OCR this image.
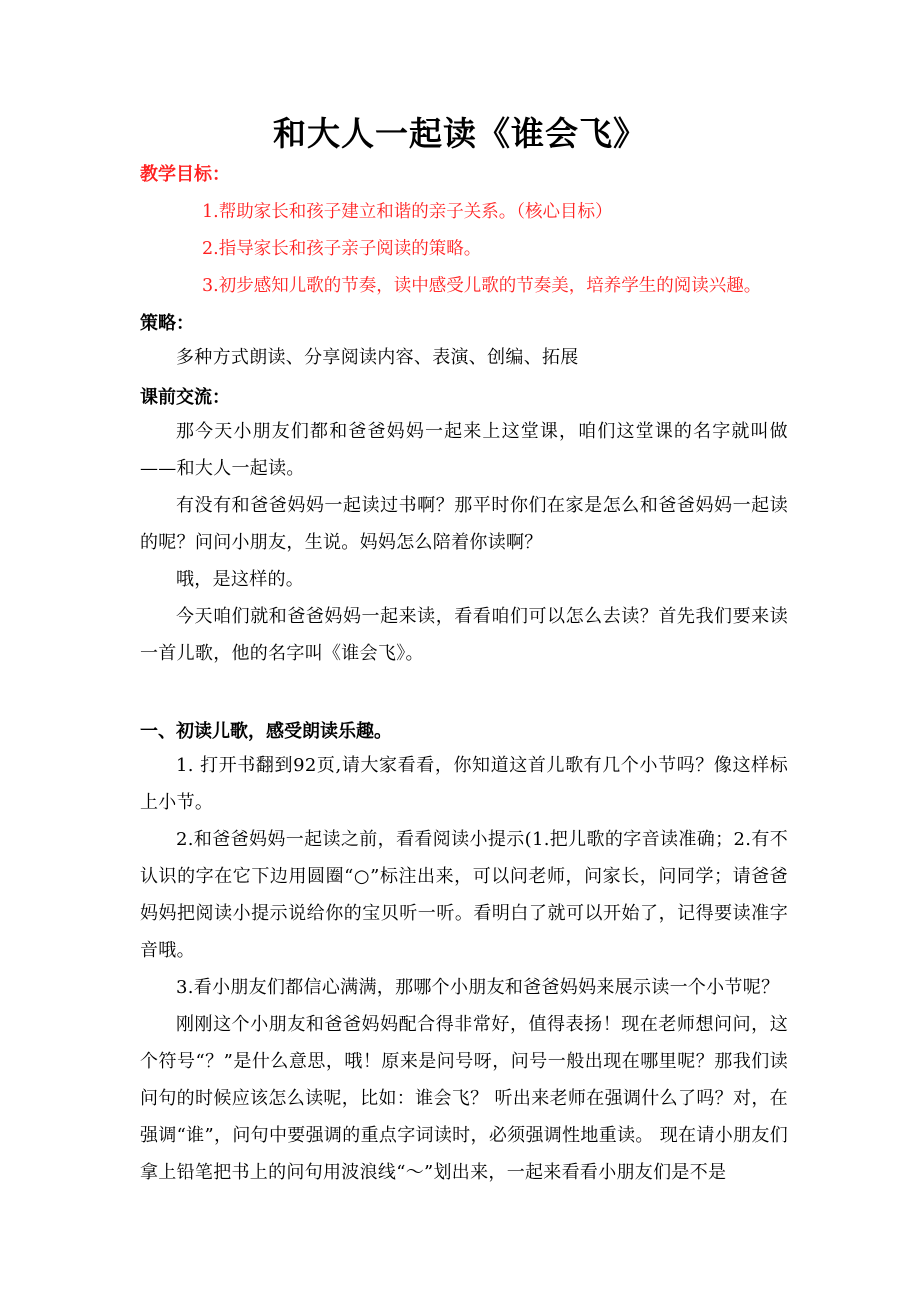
和大人一起读《谁会飞》
教学目标：
1.帮助家长和孩子建立和谐的亲子关系。（核心目标）
2.指导家长和孩子亲子阅读的策略。
3.初步感知儿歌的节奏，读中感受儿歌的节奏美，培养学生的阅读兴趣。
策略：
多种方式朗读、分享阅读内容、表演、创编、拓展
课前交流：
那今天小朋友们都和爸爸妈妈一起来上这堂课，咱们这堂课的名字就叫做——和大人一起读。
有没有和爸爸妈妈一起读过书啊？那平时你们在家是怎么和爸爸妈妈一起读的呢？问问小朋友，生说。妈妈怎么陪着你读啊？
哦，是这样的。
今天咱们就和爸爸妈妈一起来读，看看咱们可以怎么去读？首先我们要来读一首儿歌，他的名字叫《谁会飞》。
一、初读儿歌，感受朗读乐趣。
1. 打开书翻到92页,请大家看看，你知道这首儿歌有几个小节吗？像这样标上小节。
2.和爸爸妈妈一起读之前，看看阅读小提示(1.把儿歌的字音读准确；2.有不认识的字在它下边用圆圈“○”标注出来，可以问老师，问家长，问同学；请爸爸妈妈把阅读小提示说给你的宝贝听一听。看明白了就可以开始了，记得要读准字音哦。
3.看小朋友们都信心满满，那哪个小朋友和爸爸妈妈来展示读一个小节呢？
刚刚这个小朋友和爸爸妈妈配合得非常好，值得表扬！现在老师想问问，这个符号“？”是什么意思，哦！原来是问号呀，问号一般出现在哪里呢？那我们读问句的时候应该怎么读呢，比如：谁会飞？ 听出来老师在强调什么了吗？对，在强调“谁”，问句中要强调的重点字词读时，必须强调性地重读。 现在请小朋友们拿上铅笔把书上的问句用波浪线“～”划出来，一起来看看小朋友们是不是
